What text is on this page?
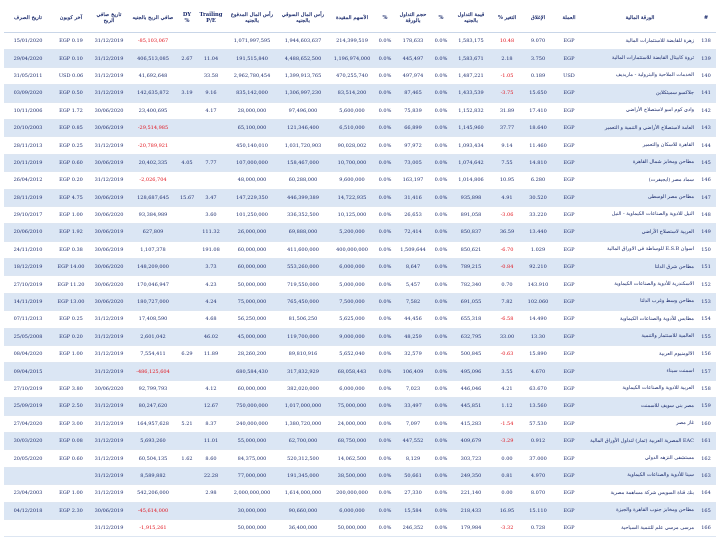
#	الورقة المالية	العملة	الإغلاق	التغير %	قيمة التداول بالجنيه	%	حجم التداول بالورقة	%	الأسهم المقيدة	رأس المال السوقي بالجنيه	رأس المال المدفوع بالجنيه	Trailing P/E	DY %	صافي الربح بالجنيه	تاريخ صافي الربح	آخر كوبون	تاريخ الصرف
138	زهرة للقابضة للاستثمارات المالية	EGP	9.070	10.48	1,583,175	0.0%	178,633	0.0%	214,399,519	1,944,603,637	1,071,997,595			-85,103,067	31/12/2019	EGP 0.19	15/01/2020
139	ثروة كابيتال القابضة للاستثمارات المالية	EGP	3.750	2.18	1,583,671	0.0%	445,497	0.0%	1,196,974,000	4,488,652,500	191,515,840	11.04	2.67	406,513,085	31/12/2019	EGP 0.10	29/04/2020
140	الخدمات الملاحية والبترولية - ماريديف	USD	0.189	-1.05	1,487,221	0.0%	497,974	0.0%	470,255,740	1,399,913,765	2,962,780,454	33.58		41,692,648	31/12/2019	USD 0.06	31/05/2011
141	جلاكسو سميثكلاين	EGP	15.650	-3.75	1,433,539	0.0%	87,465	0.0%	83,514,200	1,306,997,230	835,142,000	9.16	3.19	142,635,872	31/12/2019	EGP 0.50	03/09/2020
142	وادي كوم امبو لاستصلاح الأراضي	EGP	17.410	31.89	1,152,832	0.0%	75,839	0.0%	5,600,000	97,496,000	28,000,000	4.17		23,400,695	30/06/2020	EGP 1.72	10/11/2006
143	العامة لاستصلاح الأراضي و التنمية و التعمير	EGP	18.640	37.77	1,145,960	0.0%	66,899	0.0%	6,510,000	121,346,400	65,100,000			-29,514,985	30/06/2019	EGP 0.85	20/10/2003
144	القاهرة للاسكان والتعمير	EGP	11.460	9.14	1,093,434	0.0%	97,972	0.0%	90,028,002	1,031,720,903	450,140,010			-20,789,921	31/12/2019	EGP 0.25	28/11/2013
145	مطاحن ومخابز شمال القاهرة	EGP	14.810	7.55	1,074,642	0.0%	73,005	0.0%	10,700,000	158,467,000	107,000,000	7.77	4.05	20,402,335	30/06/2019	EGP 0.60	20/11/2019
146	سماد مصر (ايجيفرت)	EGP	6.280	10.95	1,014,806	0.0%	163,197	0.0%	9,600,000	60,288,000	48,000,000			-2,026,704	31/12/2019	EGP 0.20	26/04/2012
147	مطاحن مصر الوسطى	EGP	30.520	4.91	935,898	0.0%	31,416	0.0%	14,722,935	446,399,389	147,229,350	3.47	15.67	128,687,645	30/06/2019	EGP 4.75	28/11/2019
148	النيل للادوية والصناعات الكيماوية - النيل	EGP	33.220	-3.06	891,058	0.0%	26,653	0.0%	10,125,000	336,352,500	101,250,000	3.60		93,384,989	30/06/2020	EGP 1.00	29/10/2017
149	العربية لاستصلاح الأراضي	EGP	13.440	36.59	850,837	0.0%	72,414	0.0%	5,200,000	69,888,000	26,000,000	111.32		627,809	30/06/2019	EGP 1.92	20/06/2010
150	اسوان E.S.B للوساطة في الاوراق المالية	EGP	1.029	-6.70	850,621	0.0%	1,509,644	0.0%	400,000,000	411,600,000	60,000,000	191.08		1,107,378	30/06/2019	EGP 0.38	24/11/2010
151	مطاحن شرق الدلتا	EGP	92.210	-0.84	789,215	0.0%	8,647	0.0%	6,000,000	553,260,000	60,000,000	3.73		148,209,000	30/06/2020	EGP 14.00	18/12/2019
152	الاسكندرية للأدوية والصناعات الكيماوية	EGP	143.910	0.70	782,340	0.0%	5,457	0.0%	5,000,000	719,550,000	50,000,000	4.23		170,046,947	30/06/2020	EGP 11.20	27/10/2019
153	مطاحن وسط وغرب الدلتا	EGP	102.060	7.82	691,055	0.0%	7,582	0.0%	7,500,000	765,450,000	75,000,000	4.24		180,727,000	30/06/2020	EGP 13.00	14/11/2019
154	مطابس للأدوية والصناعات الكيماوية	EGP	14.490	-6.58	655,318	0.0%	44,456	0.0%	5,625,000	81,506,250	56,250,000	4.68		17,408,590	31/12/2019	EGP 0.25	07/11/2013
155	العالمية للاستثمار والتنمية	EGP	13.30	33.00	632,795	0.0%	48,259	0.0%	9,000,000	119,700,000	45,000,000	46.02		2,601,042	31/12/2019	EGP 0.20	25/05/2008
156	الالومنيوم العربية	EGP	15.890	-0.63	500,845	0.0%	32,579	0.0%	5,652,040	89,810,916	28,260,200	11.89	6.29	7,554,411	31/12/2019	EGP 1.00	08/04/2020
157	اسمنت سيناء	EGP	4.670	3.55	495,096	0.0%	106,409	0.0%	68,058,443	317,832,929	680,584,430			-486,125,604	31/12/2019		09/04/2015
158	العربية للادوية والصناعات الكيماوية	EGP	63.670	4.21	446,046	0.0%	7,023	0.0%	6,000,000	382,020,000	60,000,000	4.12		92,799,793	30/06/2020	EGP 3.80	27/10/2019
159	مصر بني سويف للاسمنت	EGP	13.560	1.12	445,851	0.0%	33,497	0.0%	75,000,000	1,017,000,000	750,000,000	12.67		80,247,620	31/12/2019	EGP 2.50	25/09/2019
160	غاز مصر	EGP	57.530	-1.54	415,283	0.0%	7,097	0.0%	24,000,000	1,380,720,000	240,000,000	8.37	5.21	164,957,628	31/12/2019	EGP 3.00	27/04/2020
161	EAC المصرية العربية (ثمار) لتداول الأوراق المالية	EGP	0.912	-3.29	409,679	0.0%	447,552	0.0%	68,750,000	62,700,000	55,000,000	11.01		5,693,260	31/12/2019	EGP 0.08	30/03/2020
162	مستشفى النزهه الدولي	EGP	37.000	0.00	303,723	0.0%	8,129	0.0%	14,062,500	520,312,500	84,375,000	8.60	1.62	60,504,135	31/12/2019	EGP 0.60	20/05/2020
163	سينا للأدوية والصناعات الكيماوية	EGP	4.970	0.81	249,350	0.0%	50,661	0.0%	38,500,000	191,345,000	77,000,000	22.28		8,589,882	31/12/2019		
164	بنك قناة السويس شركة مساهمة مصرية	EGP	8.070	0.00	221,140	0.0%	27,330	0.0%	200,000,000	1,614,000,000	2,000,000,000	2.98		542,206,000	31/12/2019	EGP 1.00	23/04/2003
165	مطاحن ومخابز جنوب القاهرة والجيزة	EGP	15.110	16.95	218,433	0.0%	15,584	0.0%	6,000,000	90,660,000	30,000,000			-45,614,000	30/06/2019	EGP 2.30	04/12/2018
166	مرسى مرسي علم للتنمية السياحية	EGP	0.728	-3.32	179,984	0.0%	246,352	0.0%	50,000,000	36,400,000	50,000,000			-1,915,261	31/12/2019		
